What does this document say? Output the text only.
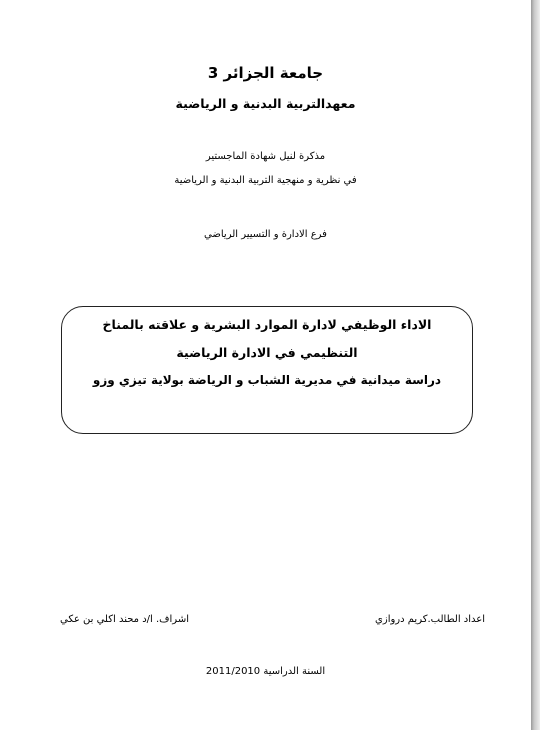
جامعة الجزائر 3
معهدالتربية البدنية و الرياضية
مذكرة لنيل شهادة الماجستير
في نظرية و منهجية التربية البدنية و الرياضية
فرع الادارة و التسيير الرياضي
الاداء الوظيفي لادارة الموارد البشرية و علاقته بالمناخ
التنظيمي في الادارة الرياضية
دراسة ميدانية في مديرية الشباب و الرياضة بولاية تيزي وزو
اعداد الطالب.كريم دروازي
اشراف. ا/د محند اكلي بن عكي
السنة الدراسية 2011/2010
